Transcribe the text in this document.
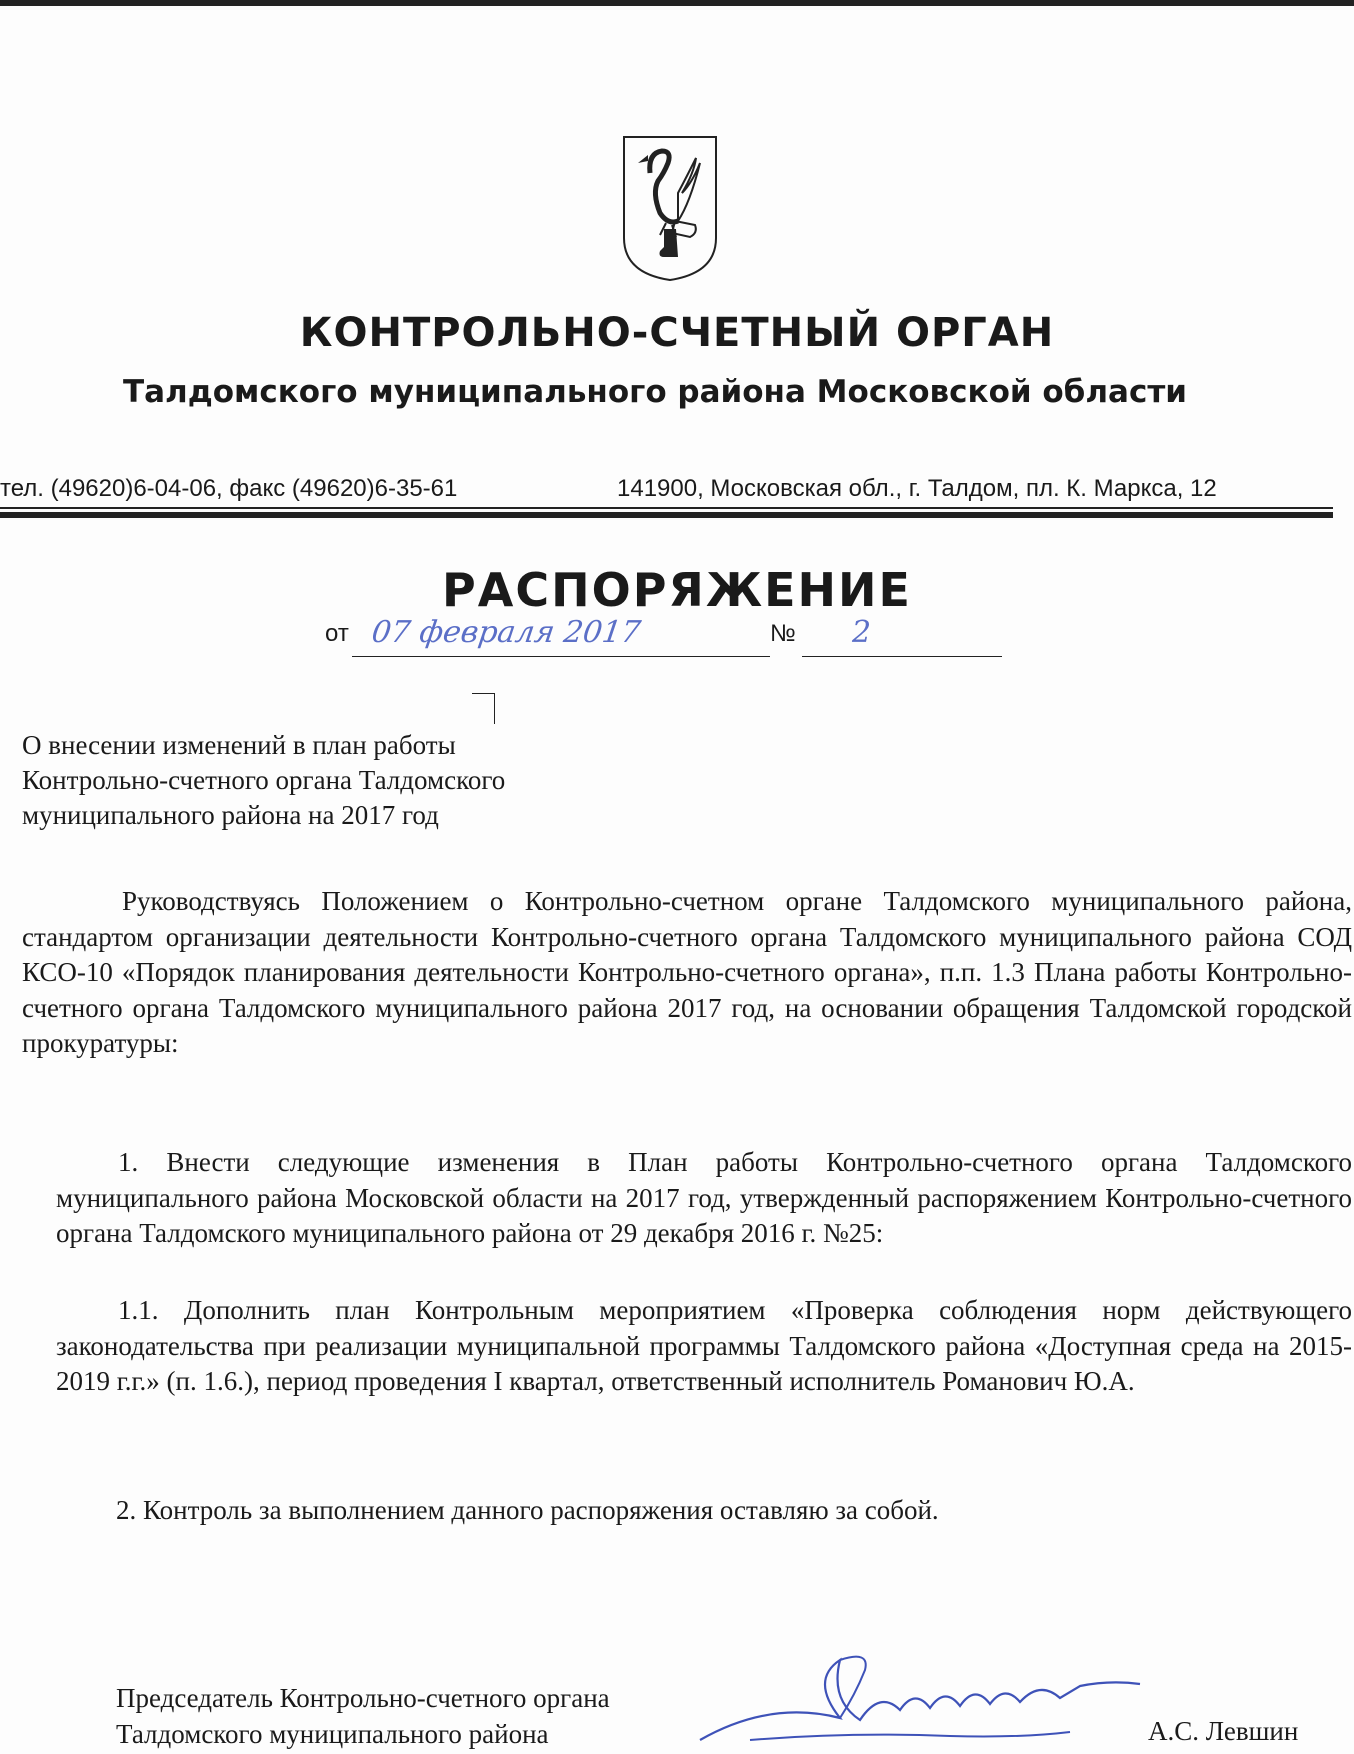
КОНТРОЛЬНО-СЧЕТНЫЙ ОРГАН
Талдомского муниципального района Московской области
тел. (49620)6-04-06, факс (49620)6-35-61	141900, Московская обл., г. Талдом, пл. К. Маркса, 12
РАСПОРЯЖЕНИЕ
от 07 февраля 2017	№ 2
О внесении изменений в план работы
Контрольно-счетного органа Талдомского
муниципального района на 2017 год
Руководствуясь Положением о Контрольно-счетном органе Талдомского муниципального района, стандартом организации деятельности Контрольно-счетного органа Талдомского муниципального района СОД КСО-10 «Порядок планирования деятельности Контрольно-счетного органа», п.п. 1.3 Плана работы Контрольно-счетного органа Талдомского муниципального района 2017 год, на основании обращения Талдомской городской прокуратуры:
1. Внести следующие изменения в План работы Контрольно-счетного органа Талдомского муниципального района Московской области на 2017 год, утвержденный распоряжением Контрольно-счетного органа Талдомского муниципального района от 29 декабря 2016 г. №25:
1.1. Дополнить план Контрольным мероприятием «Проверка соблюдения норм действующего законодательства при реализации муниципальной программы Талдомского района «Доступная среда на 2015-2019 г.г.» (п. 1.6.), период проведения I квартал, ответственный исполнитель Романович Ю.А.
2. Контроль за выполнением данного распоряжения оставляю за собой.
Председатель Контрольно-счетного органа
Талдомского муниципального района	А.С. Левшин
